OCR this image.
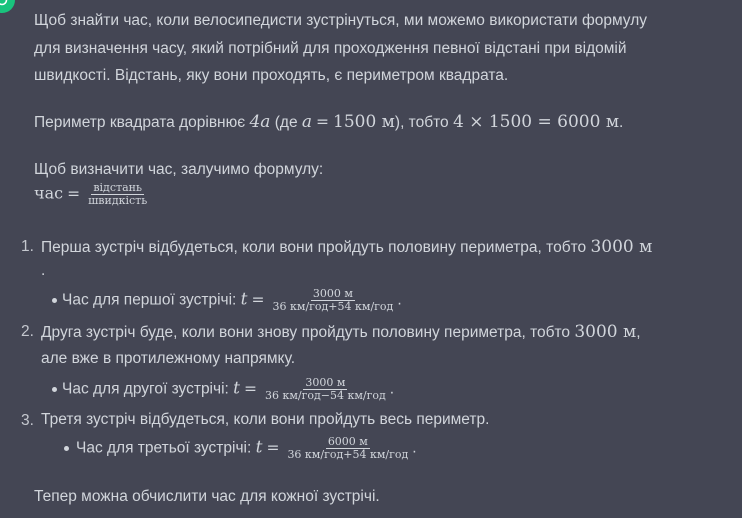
Щоб знайти час, коли велосипедисти зустрінуться, ми можемо використати формулу для визначення часу, який потрібний для проходження певної відстані при відомій швидкості. Відстань, яку вони проходять, є периметром квадрата.

Периметр квадрата дорівнює 4a (де a = 1500 м), тобто 4 × 1500 = 6000 м.
Щоб визначити час, залучимо формулу:
час = $\frac{\text{відстань}}{\text{швидкість}}$
1. Перша зустріч відбудеться, коли вони пройдуть половину периметра, тобто 3000 м
.
Час для першої зустрічі: $t = \frac{3000 м}{\text{36 км/год+54 км/год}}$ .
2. Друга зустріч буде, коли вони знову пройдуть половину периметра, тобто 3000 м,
але вже в протилежному напрямку.
Час для другої зустрічі: $t = \frac{3000 м}{\text{36 км/год−54 км/год}}$ .
3. Третя зустріч відбудеться, коли вони пройдуть весь периметр.
Час для третьої зустрічі: $t = \frac{6000 м}{\text{36 км/год+54 км/год}}$ .
Тепер можна обчислити час для кожної зустрічі.
